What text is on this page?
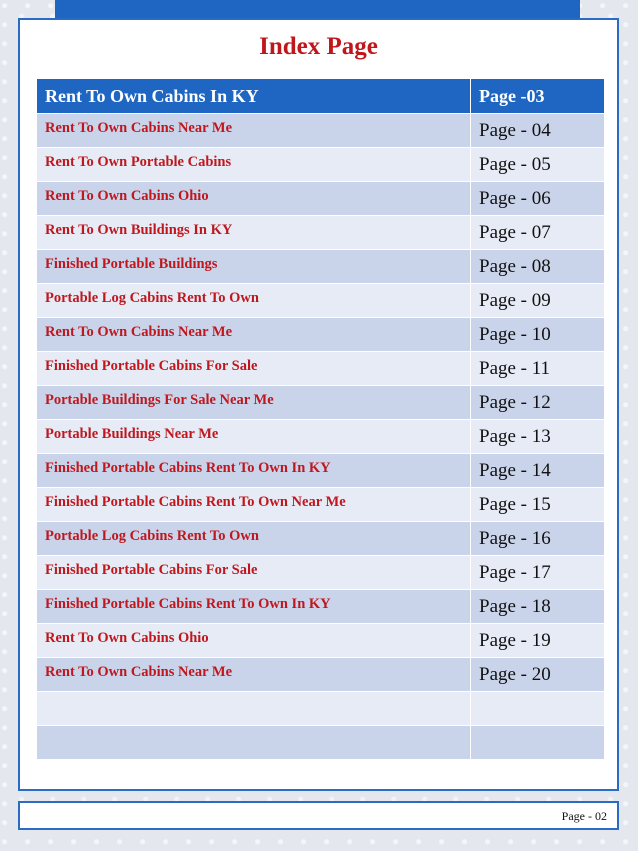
Index Page
Rent To Own Cabins In KY	Page -03
Rent To Own Cabins Near Me	Page - 04
Rent To Own Portable Cabins	Page - 05
Rent To Own Cabins Ohio	Page - 06
Rent To Own Buildings In KY	Page - 07
Finished Portable Buildings	Page - 08
Portable Log Cabins Rent To Own	Page - 09
Rent To Own Cabins Near Me	Page - 10
Finished Portable Cabins For Sale	Page - 11
Portable Buildings For Sale Near Me	Page - 12
Portable Buildings Near Me	Page - 13
Finished Portable Cabins Rent To Own In KY	Page - 14
Finished Portable Cabins Rent To Own Near Me	Page - 15
Portable Log Cabins Rent To Own	Page - 16
Finished Portable Cabins For Sale	Page - 17
Finished Portable Cabins Rent To Own In KY	Page - 18
Rent To Own Cabins Ohio	Page - 19
Rent To Own Cabins Near Me	Page - 20

Page - 02
